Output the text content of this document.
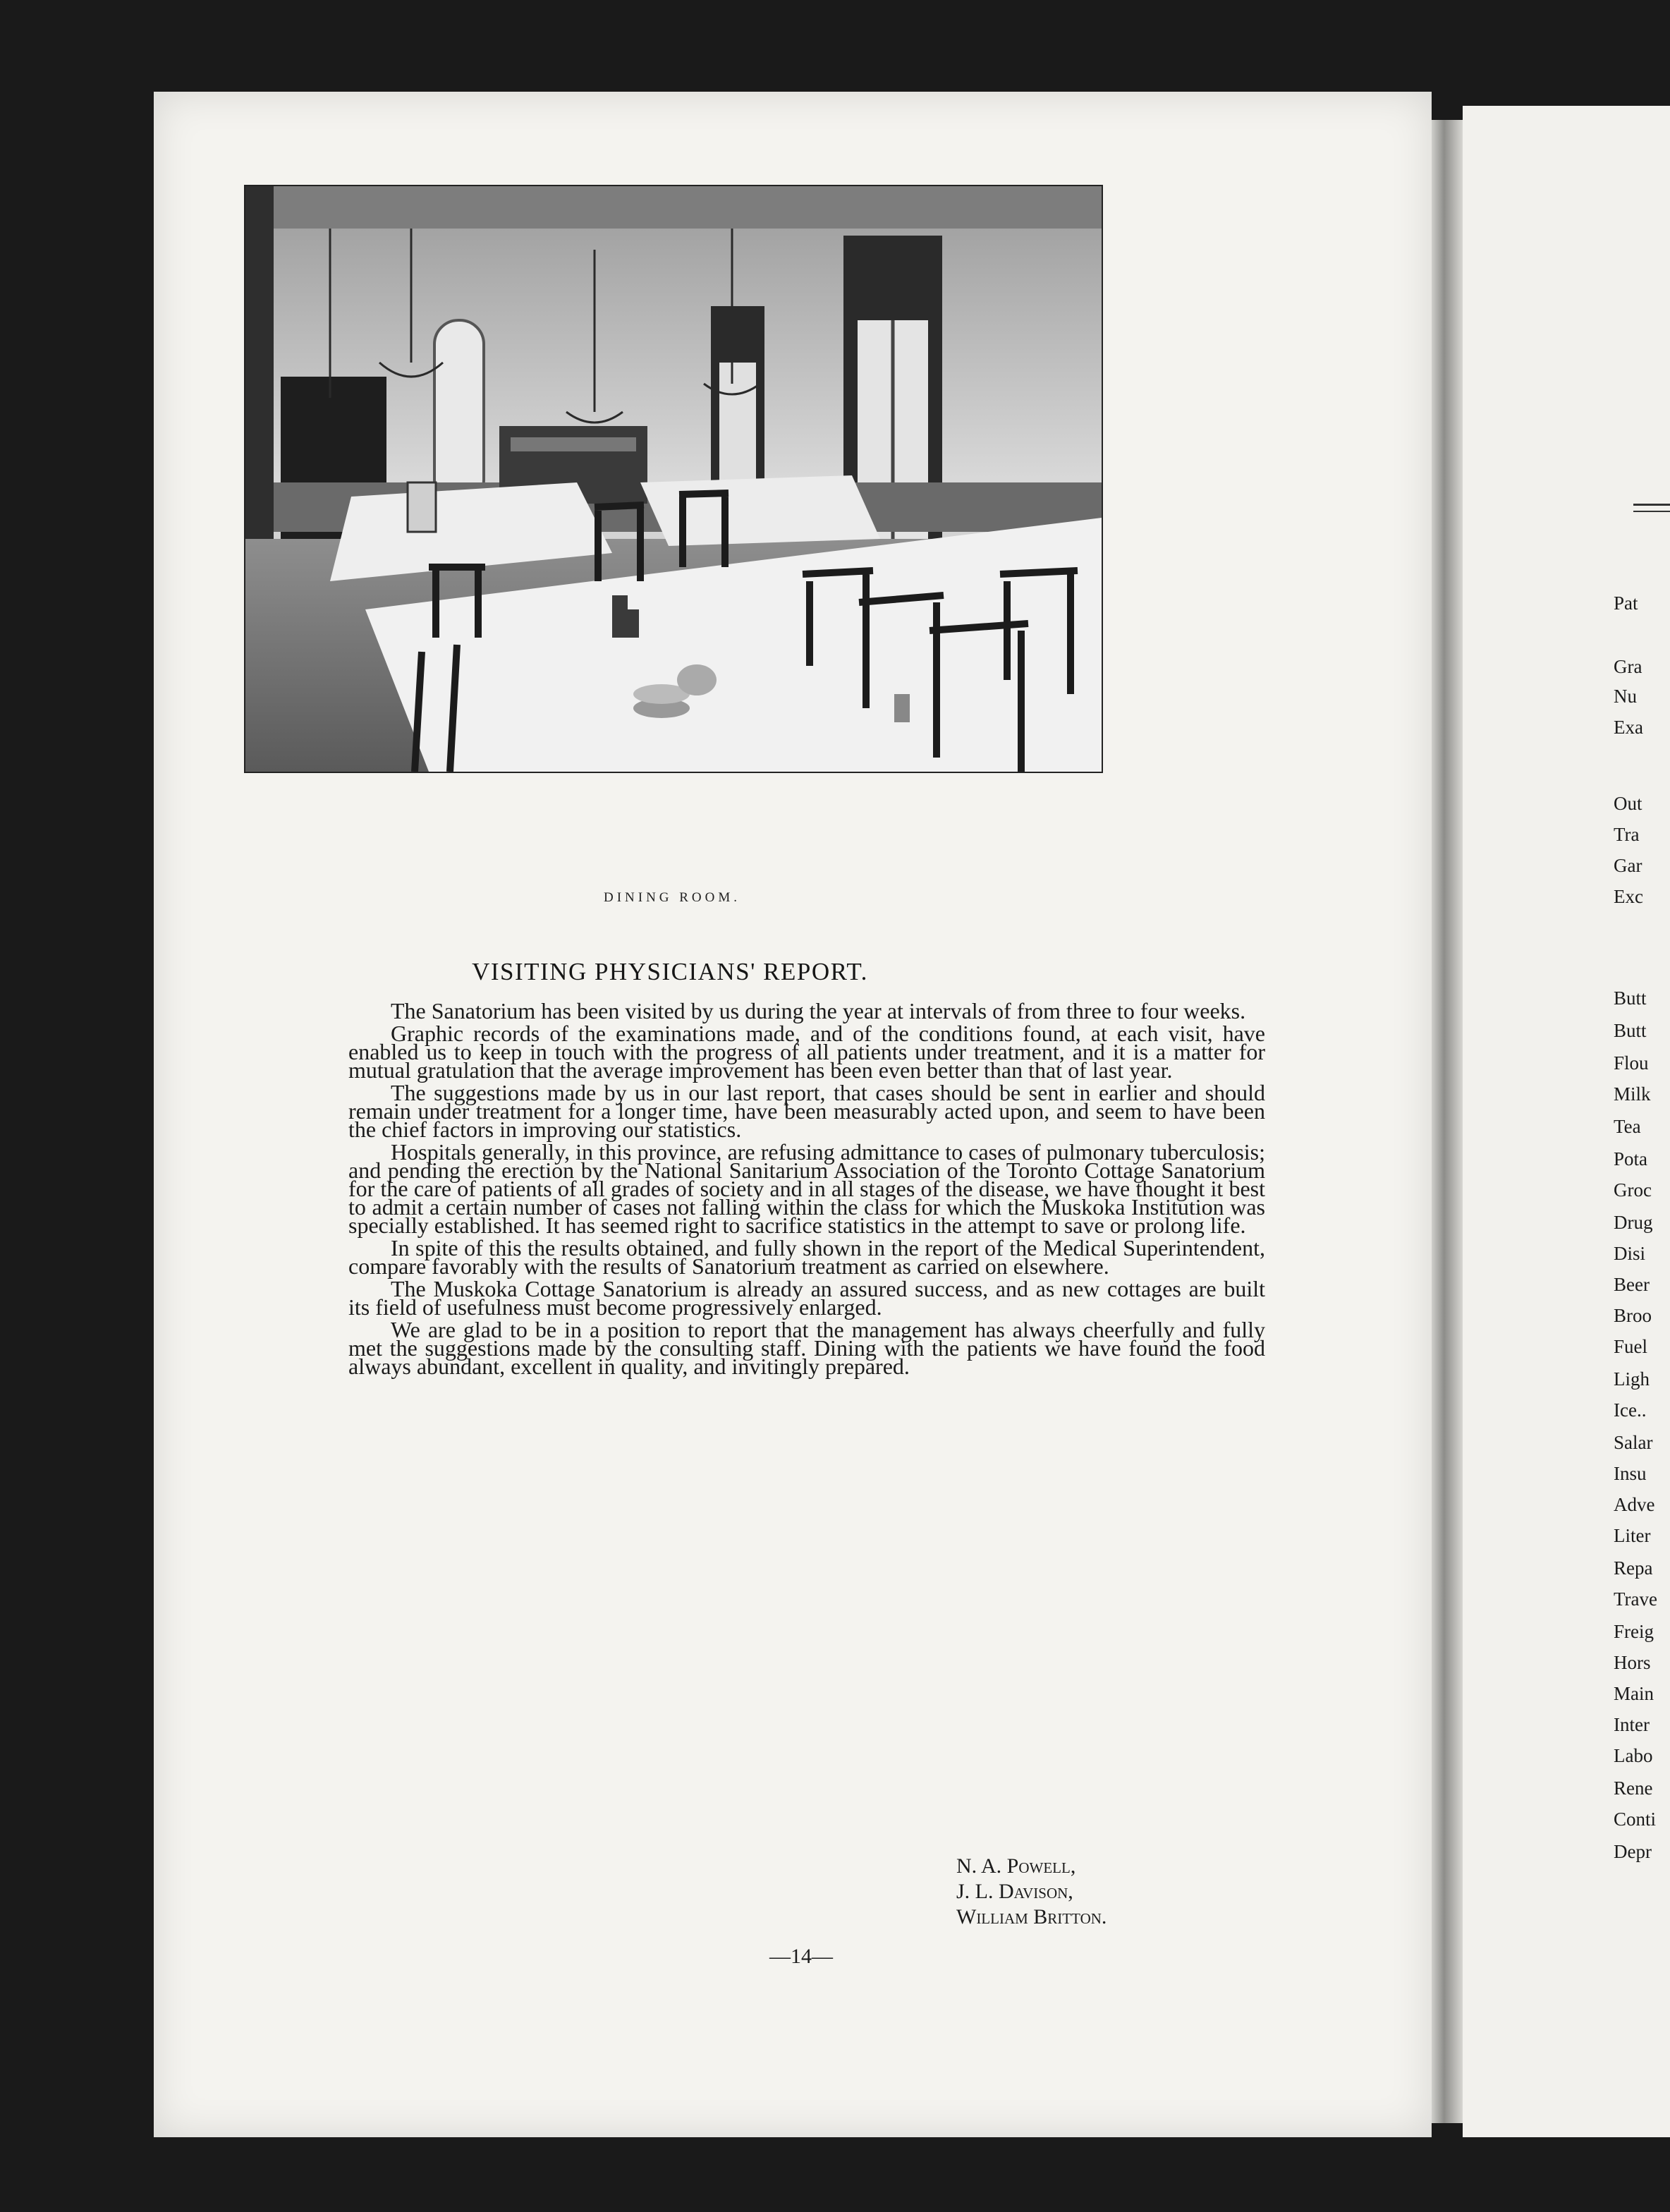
DINING ROOM.
VISITING PHYSICIANS' REPORT.

The Sanatorium has been visited by us during the year at intervals of from three to four weeks.

Graphic records of the examinations made, and of the conditions found, at each visit, have enabled us to keep in touch with the progress of all patients under treatment, and it is a matter for mutual gratulation that the average improvement has been even better than that of last year.

The suggestions made by us in our last report, that cases should be sent in earlier and should remain under treatment for a longer time, have been measurably acted upon, and seem to have been the chief factors in improving our statistics.

Hospitals generally, in this province, are refusing admittance to cases of pulmonary tuberculosis; and pending the erection by the National Sanitarium Association of the Toronto Cottage Sanatorium for the care of patients of all grades of society and in all stages of the disease, we have thought it best to admit a certain number of cases not falling within the class for which the Muskoka Institution was specially established. It has seemed right to sacrifice statistics in the attempt to save or prolong life.

In spite of this the results obtained, and fully shown in the report of the Medical Superintendent, compare favorably with the results of Sanatorium treatment as carried on elsewhere.

The Muskoka Cottage Sanatorium is already an assured success, and as new cottages are built its field of usefulness must become progressively enlarged.

We are glad to be in a position to report that the management has always cheerfully and fully met the suggestions made by the consulting staff. Dining with the patients we have found the food always abundant, excellent in quality, and invitingly prepared.

N. A. Powell,
J. L. Davison,
William Britton.
—14—
Pat
Gra
Nu
Exa
Out
Tra
Gar
Exc
Butt
Butt
Flou
Milk
Tea
Pota
Groc
Drug
Disi
Beer
Broo
Fuel
Ligh
Ice..
Salar
Insu
Adve
Liter
Repa
Trave
Freig
Hors
Main
Inter
Labo
Rene
Conti
Depr
